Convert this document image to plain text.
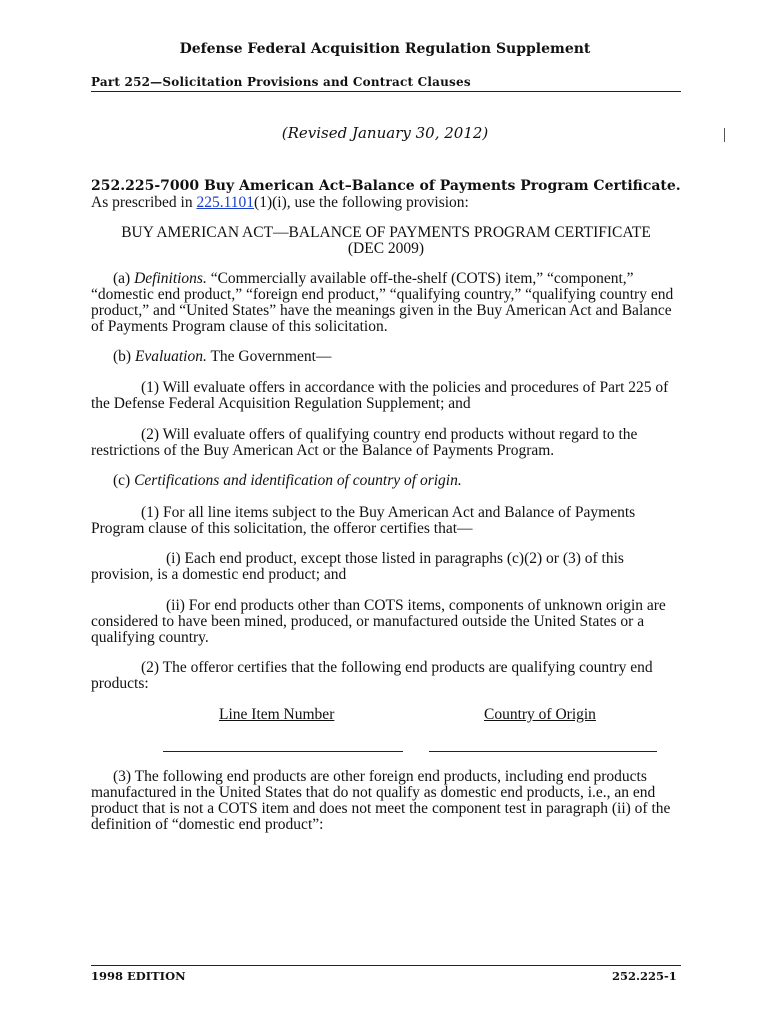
Defense Federal Acquisition Regulation Supplement
Part 252—Solicitation Provisions and Contract Clauses
(Revised January 30, 2012)
252.225-7000 Buy American Act–Balance of Payments Program Certificate.
As prescribed in 225.1101(1)(i), use the following provision:
BUY AMERICAN ACT—BALANCE OF PAYMENTS PROGRAM CERTIFICATE
(DEC 2009)
(a) Definitions. “Commercially available off-the-shelf (COTS) item,” “component,” “domestic end product,” “foreign end product,” “qualifying country,” “qualifying country end product,” and “United States” have the meanings given in the Buy American Act and Balance of Payments Program clause of this solicitation.
(b) Evaluation. The Government—
(1) Will evaluate offers in accordance with the policies and procedures of Part 225 of the Defense Federal Acquisition Regulation Supplement; and
(2) Will evaluate offers of qualifying country end products without regard to the restrictions of the Buy American Act or the Balance of Payments Program.
(c) Certifications and identification of country of origin.
(1) For all line items subject to the Buy American Act and Balance of Payments Program clause of this solicitation, the offeror certifies that—
(i) Each end product, except those listed in paragraphs (c)(2) or (3) of this provision, is a domestic end product; and
(ii) For end products other than COTS items, components of unknown origin are considered to have been mined, produced, or manufactured outside the United States or a qualifying country.
(2) The offeror certifies that the following end products are qualifying country end products:
Line Item Number	Country of Origin
(3) The following end products are other foreign end products, including end products manufactured in the United States that do not qualify as domestic end products, i.e., an end product that is not a COTS item and does not meet the component test in paragraph (ii) of the definition of “domestic end product”:
1998 EDITION	252.225-1
